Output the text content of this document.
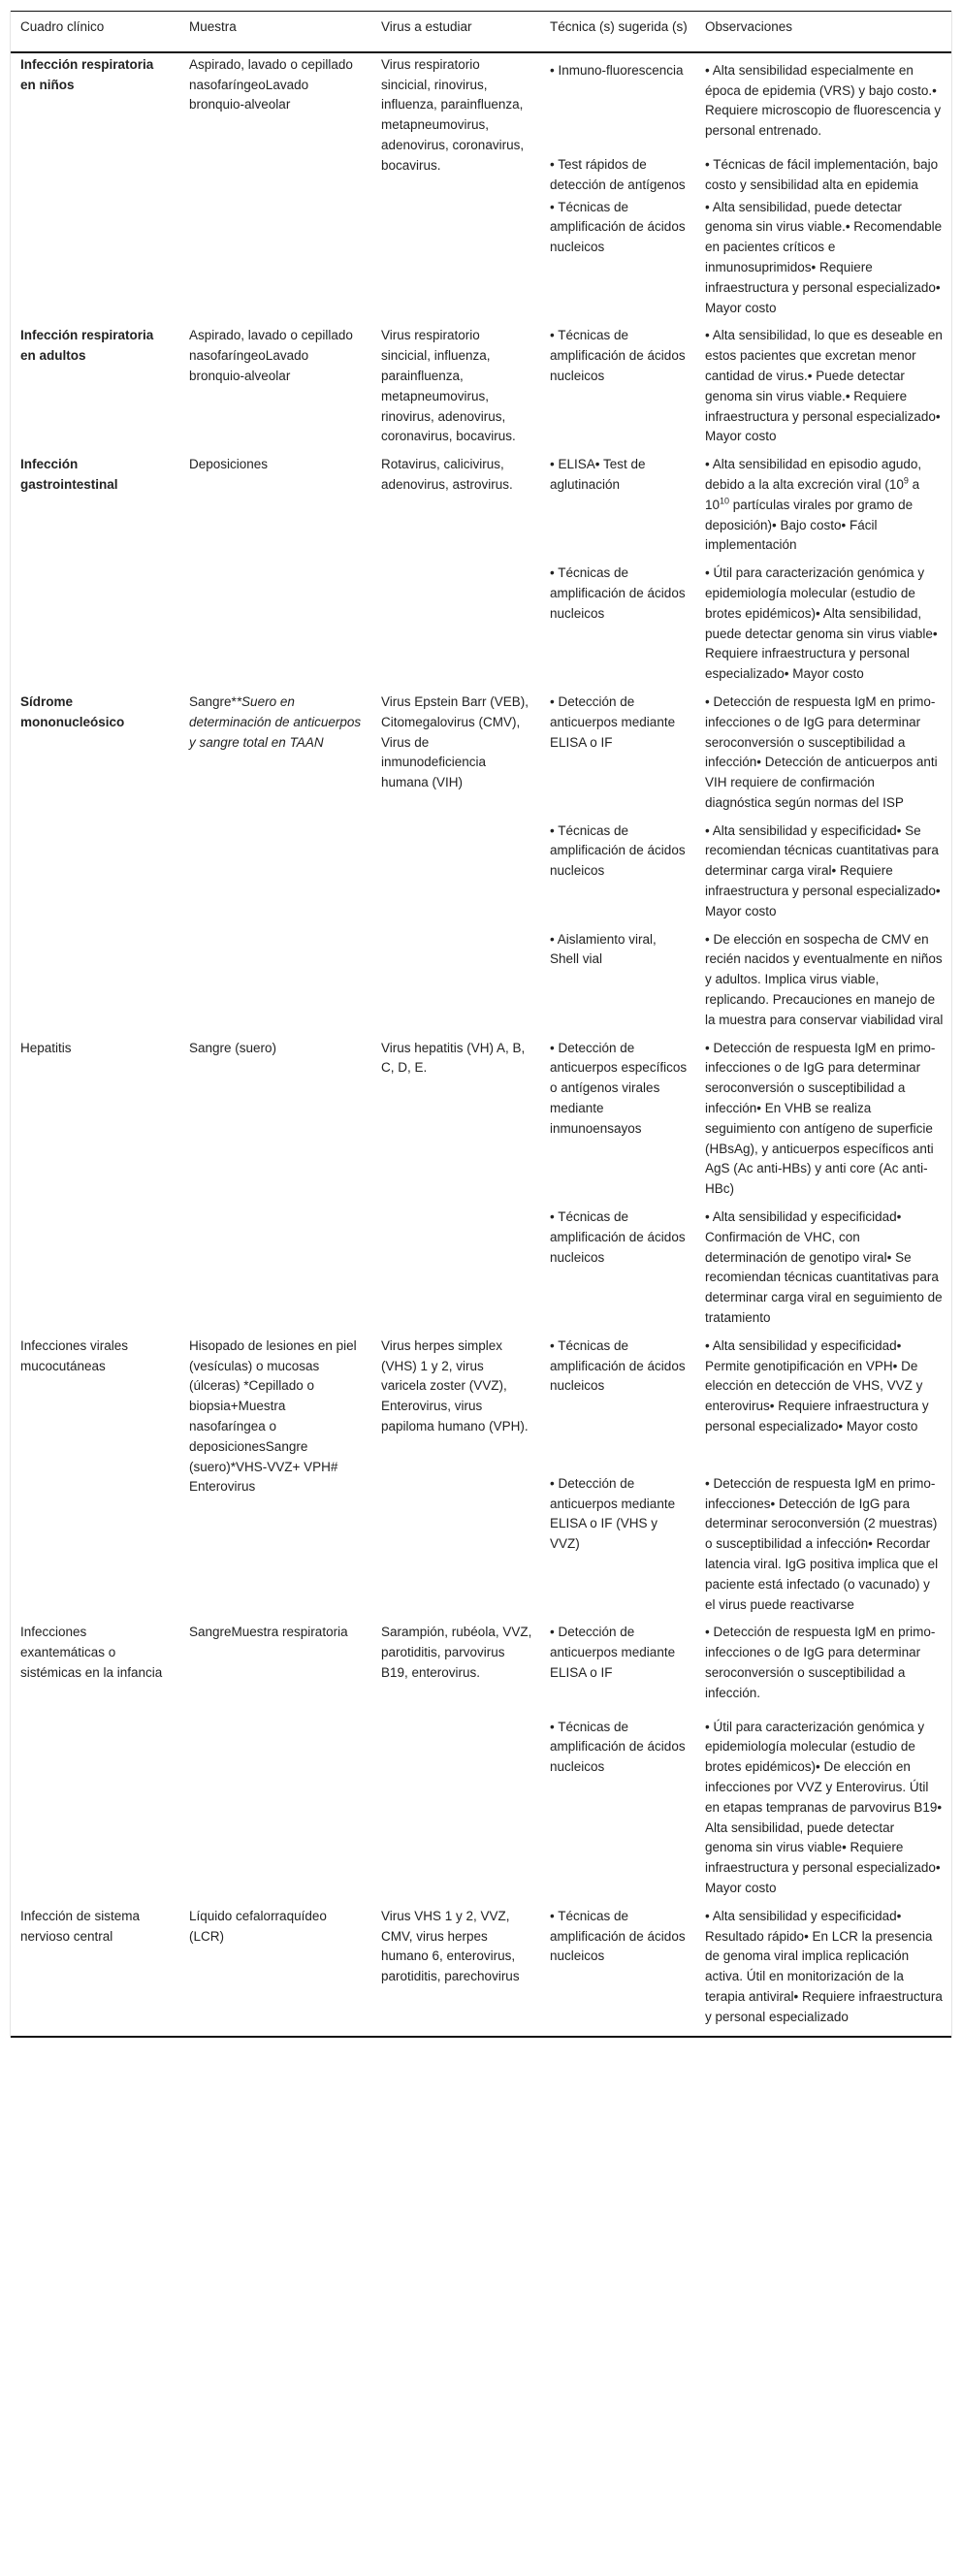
Cuadro clínico	Muestra	Virus a estudiar	Técnica (s) sugerida (s)	Observaciones
Infección respiratoria en niños	Aspirado, lavado o cepillado nasofaríngeoLavado bronquio-alveolar	Virus respiratorio sincicial, rinovirus, influenza, parainfluenza, metapneumovirus, adenovirus, coronavirus, bocavirus.	• Inmuno-fluorescencia	• Alta sensibilidad especialmente en época de epidemia (VRS) y bajo costo.• Requiere microscopio de fluorescencia y personal entrenado.
			• Test rápidos de detección de antígenos	• Técnicas de fácil implementación, bajo costo y sensibilidad alta en epidemia
			• Técnicas de amplificación de ácidos nucleicos	• Alta sensibilidad, puede detectar genoma sin virus viable.• Recomendable en pacientes críticos e inmunosuprimidos• Requiere infraestructura y personal especializado• Mayor costo
Infección respiratoria en adultos	Aspirado, lavado o cepillado nasofaríngeoLavado bronquio-alveolar	Virus respiratorio sincicial, influenza, parainfluenza, metapneumovirus, rinovirus, adenovirus, coronavirus, bocavirus.	• Técnicas de amplificación de ácidos nucleicos	• Alta sensibilidad, lo que es deseable en estos pacientes que excretan menor cantidad de virus.• Puede detectar genoma sin virus viable.• Requiere infraestructura y personal especializado• Mayor costo
Infección gastrointestinal	Deposiciones	Rotavirus, calicivirus, adenovirus, astrovirus.	• ELISA• Test de aglutinación	• Alta sensibilidad en episodio agudo, debido a la alta excreción viral ($10^9$ a $10^{10}$ partículas virales por gramo de deposición)• Bajo costo• Fácil implementación
			• Técnicas de amplificación de ácidos nucleicos	• Útil para caracterización genómica y epidemiología molecular (estudio de brotes epidémicos)• Alta sensibilidad, puede detectar genoma sin virus viable• Requiere infraestructura y personal especializado• Mayor costo
Sídrome mononucleósico	Sangre**Suero en determinación de anticuerpos y sangre total en TAAN	Virus Epstein Barr (VEB), Citomegalovirus (CMV), Virus de inmunodeficiencia humana (VIH)	• Detección de anticuerpos mediante ELISA o IF	• Detección de respuesta IgM en primo-infecciones o de IgG para determinar seroconversión o susceptibilidad a infección• Detección de anticuerpos anti VIH requiere de confirmación diagnóstica según normas del ISP
			• Técnicas de amplificación de ácidos nucleicos	• Alta sensibilidad y especificidad• Se recomiendan técnicas cuantitativas para determinar carga viral• Requiere infraestructura y personal especializado• Mayor costo
			• Aislamiento viral, Shell vial	• De elección en sospecha de CMV en recién nacidos y eventualmente en niños y adultos. Implica virus viable, replicando. Precauciones en manejo de la muestra para conservar viabilidad viral
Hepatitis	Sangre (suero)	Virus hepatitis (VH) A, B, C, D, E.	• Detección de anticuerpos específicos o antígenos virales mediante inmunoensayos	• Detección de respuesta IgM en primo-infecciones o de IgG para determinar seroconversión o susceptibilidad a infección• En VHB se realiza seguimiento con antígeno de superficie (HBsAg), y anticuerpos específicos anti AgS (Ac anti-HBs) y anti core (Ac anti-HBc)
			• Técnicas de amplificación de ácidos nucleicos	• Alta sensibilidad y especificidad• Confirmación de VHC, con determinación de genotipo viral• Se recomiendan técnicas cuantitativas para determinar carga viral en seguimiento de tratamiento
Infecciones virales mucocutáneas	Hisopado de lesiones en piel (vesículas) o mucosas (úlceras) *Cepillado o biopsia+Muestra nasofaríngea o deposicionesSangre (suero)*VHS-VVZ+ VPH# Enterovirus	Virus herpes simplex (VHS) 1 y 2, virus varicela zoster (VVZ), Enterovirus, virus papiloma humano (VPH).	• Técnicas de amplificación de ácidos nucleicos	• Alta sensibilidad y especificidad• Permite genotipificación en VPH• De elección en detección de VHS, VVZ y enterovirus• Requiere infraestructura y personal especializado• Mayor costo
			• Detección de anticuerpos mediante ELISA o IF (VHS y VVZ)	• Detección de respuesta IgM en primo-infecciones• Detección de IgG para determinar seroconversión (2 muestras) o susceptibilidad a infección• Recordar latencia viral. IgG positiva implica que el paciente está infectado (o vacunado) y el virus puede reactivarse
Infecciones exantemáticas o sistémicas en la infancia	SangreMuestra respiratoria	Sarampión, rubéola, VVZ, parotiditis, parvovirus B19, enterovirus.	• Detección de anticuerpos mediante ELISA o IF	• Detección de respuesta IgM en primo-infecciones o de IgG para determinar seroconversión o susceptibilidad a infección.
			• Técnicas de amplificación de ácidos nucleicos	• Útil para caracterización genómica y epidemiología molecular (estudio de brotes epidémicos)• De elección en infecciones por VVZ y Enterovirus. Útil en etapas tempranas de parvovirus B19• Alta sensibilidad, puede detectar genoma sin virus viable• Requiere infraestructura y personal especializado• Mayor costo
Infección de sistema nervioso central	Líquido cefalorraquídeo (LCR)	Virus VHS 1 y 2, VVZ, CMV, virus herpes humano 6, enterovirus, parotiditis, parechovirus	• Técnicas de amplificación de ácidos nucleicos	• Alta sensibilidad y especificidad• Resultado rápido• En LCR la presencia de genoma viral implica replicación activa. Útil en monitorización de la terapia antiviral• Requiere infraestructura y personal especializado
